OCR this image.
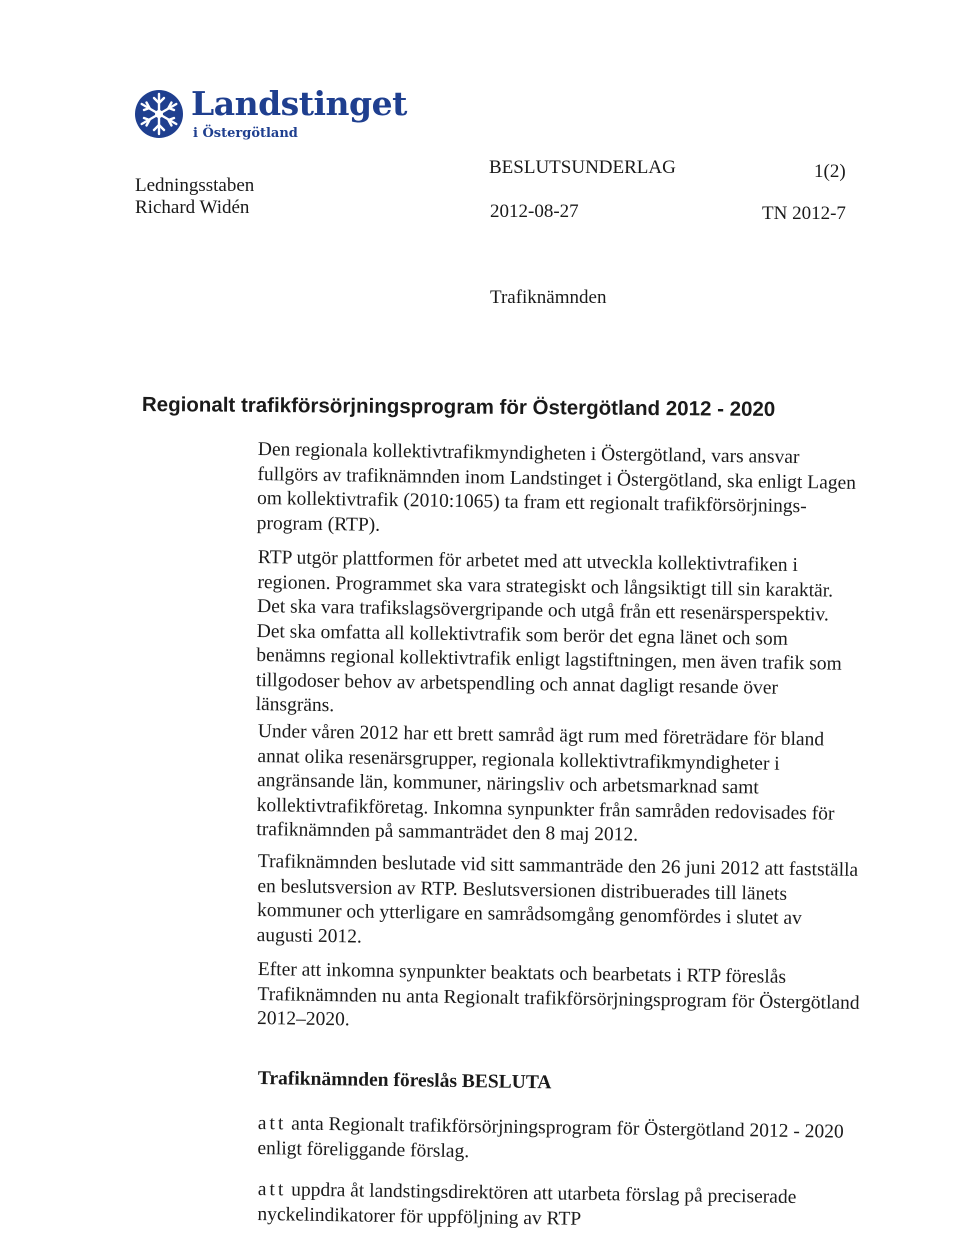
Landstinget
i Östergötland
Ledningsstaben
Richard Widén
BESLUTSUNDERLAG	1(2)
2012-08-27	TN 2012-7
Trafiknämnden
Regionalt trafikförsörjningsprogram för Östergötland 2012 - 2020
Den regionala kollektivtrafikmyndigheten i Östergötland, vars ansvar
fullgörs av trafiknämnden inom Landstinget i Östergötland, ska enligt Lagen
om kollektivtrafik (2010:1065) ta fram ett regionalt trafikförsörjnings-
program (RTP).
RTP utgör plattformen för arbetet med att utveckla kollektivtrafiken i
regionen. Programmet ska vara strategiskt och långsiktigt till sin karaktär.
Det ska vara trafikslagsövergripande och utgå från ett resenärsperspektiv.
Det ska omfatta all kollektivtrafik som berör det egna länet och som
benämns regional kollektivtrafik enligt lagstiftningen, men även trafik som
tillgodoser behov av arbetspendling och annat dagligt resande över
länsgräns.
Under våren 2012 har ett brett samråd ägt rum med företrädare för bland
annat olika resenärsgrupper, regionala kollektivtrafikmyndigheter i
angränsande län, kommuner, näringsliv och arbetsmarknad samt
kollektivtrafikföretag. Inkomna synpunkter från samråden redovisades för
trafiknämnden på sammanträdet den 8 maj 2012.
Trafiknämnden beslutade vid sitt sammanträde den 26 juni 2012 att fastställa
en beslutsversion av RTP. Beslutsversionen distribuerades till länets
kommuner och ytterligare en samrådsomgång genomfördes i slutet av
augusti 2012.
Efter att inkomna synpunkter beaktats och bearbetats i RTP föreslås
Trafiknämnden nu anta Regionalt trafikförsörjningsprogram för Östergötland
2012–2020.
Trafiknämnden föreslås BESLUTA
att anta Regionalt trafikförsörjningsprogram för Östergötland 2012 - 2020
enligt föreliggande förslag.
att uppdra åt landstingsdirektören att utarbeta förslag på preciserade
nyckelindikatorer för uppföljning av RTP
